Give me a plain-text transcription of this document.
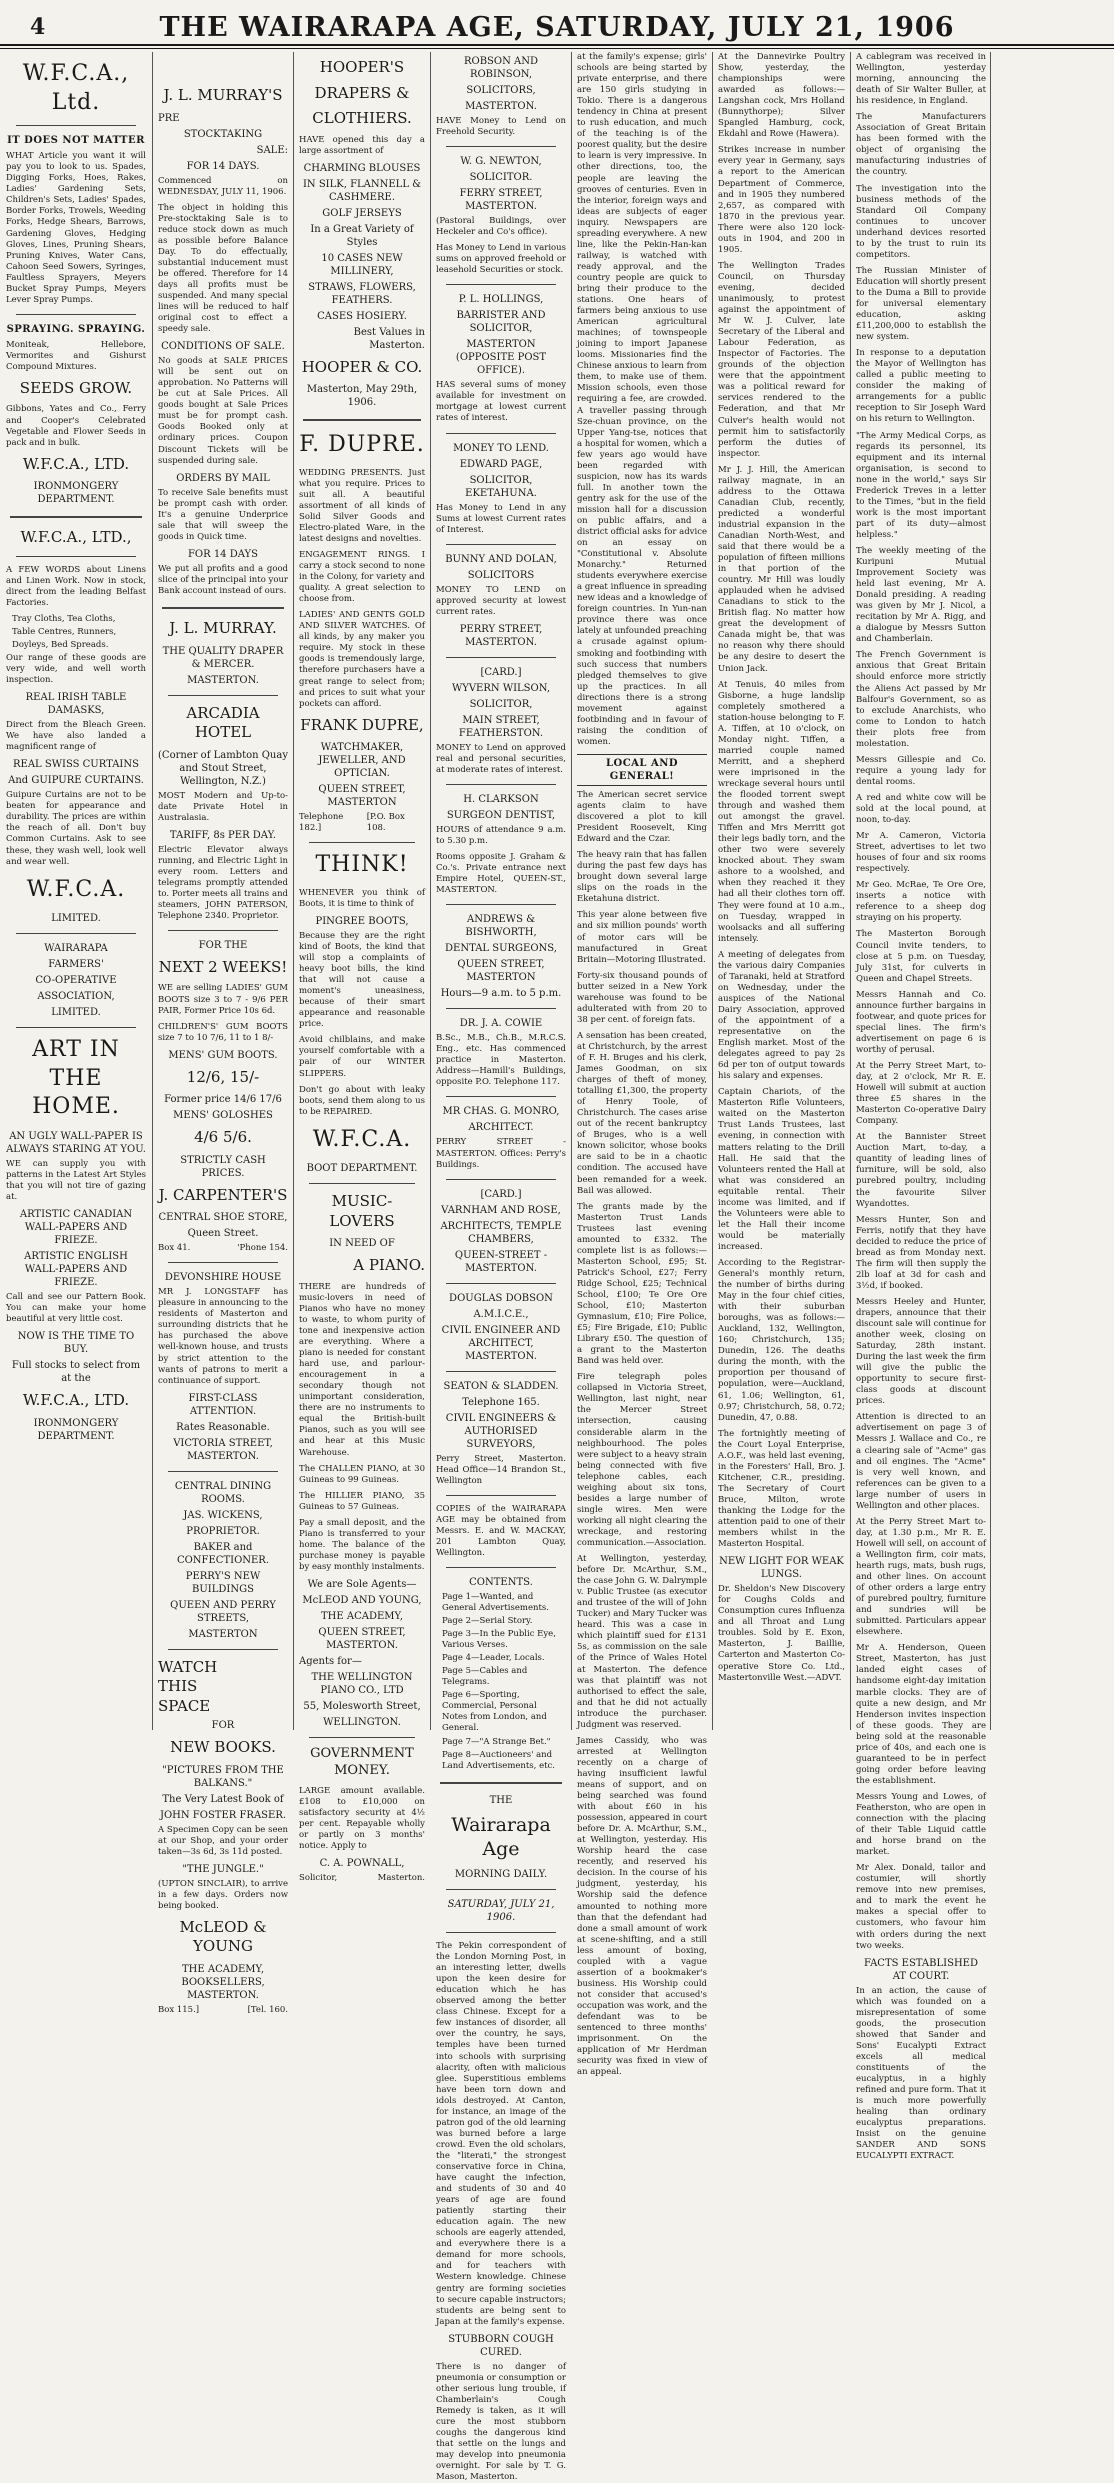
4	THE WAIRARAPA AGE, SATURDAY, JULY 21, 1906
W.F.C.A., Ltd.
IT DOES NOT MATTER

WHAT Article you want it will pay you to look to us. Spades, Digging Forks, Hoes, Rakes, Ladies' Gardening Sets, Children's Sets, Ladies' Spades, Border Forks, Trowels, Weeding Forks, Hedge Shears, Barrows, Gardening Gloves, Hedging Gloves, Lines, Pruning Shears, Pruning Knives, Water Cans, Cahoon Seed Sowers, Syringes, Faultless Sprayers, Meyers Bucket Spray Pumps, Meyers Lever Spray Pumps.

SPRAYING. SPRAYING.

Moniteak, Hellebore, Vermorites and Gishurst Compound Mixtures.

SEEDS GROW.

Gibbons, Yates and Co., Ferry and Cooper's Celebrated Vegetable and Flower Seeds in pack and in bulk.

W.F.C.A., LTD.
IRONMONGERY DEPARTMENT.
W.F.C.A., LTD.,

A FEW WORDS about Linens and Linen Work. Now in stock, direct from the leading Belfast Factories.

Tray Cloths, Tea Cloths,
Table Centres, Runners,
Doyleys, Bed Spreads.

Our range of these goods are very wide, and well worth inspection.

REAL IRISH TABLE DAMASKS,

Direct from the Bleach Green. We have also landed a magnificent range of

REAL SWISS CURTAINS
And GUIPURE CURTAINS.

Guipure Curtains are not to be beaten for appearance and durability. The prices are within the reach of all. Don't buy Common Curtains. Ask to see these, they wash well, look well and wear well.

W.F.C.A.
LIMITED.
WAIRARAPA
FARMERS'
CO-OPERATIVE
ASSOCIATION,
LIMITED.
ART IN THE HOME.
AN UGLY WALL-PAPER IS ALWAYS STARING AT YOU.

WE can supply you with patterns in the Latest Art Styles that you will not tire of gazing at.

ARTISTIC CANADIAN WALL-PAPERS AND FRIEZE.
ARTISTIC ENGLISH WALL-PAPERS AND FRIEZE.

Call and see our Pattern Book. You can make your home beautiful at very little cost.

NOW IS THE TIME TO BUY.
Full stocks to select from at the
W.F.C.A., LTD.
IRONMONGERY DEPARTMENT.
J. L. MURRAY'S
PRE
STOCKTAKING
SALE:
FOR 14 DAYS.

Commenced on WEDNESDAY, JULY 11, 1906.

The object in holding this Pre-stocktaking Sale is to reduce stock down as much as possible before Balance Day. To do effectually, substantial inducement must be offered. Therefore for 14 days all profits must be suspended. And many special lines will be reduced to half original cost to effect a speedy sale.

CONDITIONS OF SALE.

No goods at SALE PRICES will be sent out on approbation. No Patterns will be cut at Sale Prices. All goods bought at Sale Prices must be for prompt cash. Goods Booked only at ordinary prices. Coupon Discount Tickets will be suspended during sale.

ORDERS BY MAIL

To receive Sale benefits must be prompt cash with order. It's a genuine Underprice sale that will sweep the goods in Quick time.

FOR 14 DAYS

We put all profits and a good slice of the principal into your Bank account instead of ours.

J. L. MURRAY.
THE QUALITY DRAPER & MERCER.
MASTERTON.
ARCADIA HOTEL
(Corner of Lambton Quay and Stout Street, Wellington, N.Z.)

MOST Modern and Up-to-date Private Hotel in Australasia.

TARIFF, 8s PER DAY.

Electric Elevator always running, and Electric Light in every room. Letters and telegrams promptly attended to. Porter meets all trains and steamers, JOHN PATERSON, Telephone 2340. Proprietor.

FOR THE
NEXT 2 WEEKS!

WE are selling LADIES' GUM BOOTS size 3 to 7 - 9/6 PER PAIR, Former Price 10s 6d.

CHILDREN'S' GUM BOOTS size 7 to 10 7/6, 11 to 1 8/-

MENS' GUM BOOTS.
12/6, 15/-
Former price 14/6 17/6
MENS' GOLOSHES
4/6 5/6.
STRICTLY CASH PRICES.
J. CARPENTER'S
CENTRAL SHOE STORE,
Queen Street.
Box 41.	'Phone 154.
DEVONSHIRE HOUSE

MR J. LONGSTAFF has pleasure in announcing to the residents of Masterton and surrounding districts that he has purchased the above well-known house, and trusts by strict attention to the wants of patrons to merit a continuance of support.

FIRST-CLASS ATTENTION.
Rates Reasonable.
VICTORIA STREET, MASTERTON.
CENTRAL DINING ROOMS.
JAS. WICKENS,
PROPRIETOR.
BAKER and CONFECTIONER.
PERRY'S NEW BUILDINGS
QUEEN AND PERRY STREETS,
MASTERTON
WATCH
THIS
SPACE
FOR
NEW BOOKS.
"PICTURES FROM THE BALKANS."
The Very Latest Book of
JOHN FOSTER FRASER.

A Specimen Copy can be seen at our Shop, and your order taken—3s 6d, 3s 11d posted.

"THE JUNGLE."

(UPTON SINCLAIR), to arrive in a few days. Orders now being booked.

McLEOD & YOUNG
THE ACADEMY, BOOKSELLERS, MASTERTON.
Box 115.]	[Tel. 160.
HOOPER'S
DRAPERS &
CLOTHIERS.

HAVE opened this day a large assortment of

CHARMING BLOUSES
IN SILK, FLANNELL & CASHMERE.
GOLF JERSEYS
In a Great Variety of Styles
10 CASES NEW MILLINERY,
STRAWS, FLOWERS, FEATHERS.
CASES HOSIERY.
Best Values in Masterton.
HOOPER & CO.
Masterton, May 29th, 1906.
F. DUPRE.

WEDDING PRESENTS. Just what you require. Prices to suit all. A beautiful assortment of all kinds of Solid Silver Goods and Electro-plated Ware, in the latest designs and novelties.

ENGAGEMENT RINGS. I carry a stock second to none in the Colony, for variety and quality. A great selection to choose from.

LADIES' AND GENTS GOLD AND SILVER WATCHES. Of all kinds, by any maker you require. My stock in these goods is tremendously large, therefore purchasers have a great range to select from; and prices to suit what your pockets can afford.

FRANK DUPRE,
WATCHMAKER, JEWELLER, AND OPTICIAN.
QUEEN STREET, MASTERTON
Telephone 182.]
[P.O. Box 108.
THINK!

WHENEVER you think of Boots, it is time to think of

PINGREE BOOTS,

Because they are the right kind of Boots, the kind that will stop a complaints of heavy boot bills, the kind that will not cause a moment's uneasiness, because of their smart appearance and reasonable price.

Avoid chilblains, and make yourself comfortable with a pair of our WINTER SLIPPERS.

Don't go about with leaky boots, send them along to us to be REPAIRED.

W.F.C.A.
BOOT DEPARTMENT.
MUSIC-LOVERS
IN NEED OF
A PIANO.

THERE are hundreds of music-lovers in need of Pianos who have no money to waste, to whom purity of tone and inexpensive action are everything. Where a piano is needed for constant hard use, and parlour-encouragement in a secondary though not unimportant consideration, there are no instruments to equal the British-built Pianos, such as you will see and hear at this Music Warehouse.

The CHALLEN PIANO, at 30 Guineas to 99 Guineas.

The HILLIER PIANO, 35 Guineas to 57 Guineas.

Pay a small deposit, and the Piano is transferred to your home. The balance of the purchase money is payable by easy monthly instalments.

We are Sole Agents—
McLEOD AND YOUNG,
THE ACADEMY,
QUEEN STREET, MASTERTON.
Agents for—
THE WELLINGTON PIANO CO., LTD
55, Molesworth Street,
WELLINGTON.
GOVERNMENT MONEY.

LARGE amount available. £108 to £10,000 on satisfactory security at 4½ per cent. Repayable wholly or partly on 3 months' notice. Apply to

C. A. POWNALL,
Solicitor,	Masterton.
ROBSON AND ROBINSON,
SOLICITORS,
MASTERTON.

HAVE Money to Lend on Freehold Security.

W. G. NEWTON,
SOLICITOR.
FERRY STREET, MASTERTON.

(Pastoral Buildings, over Heckeler and Co's office).

Has Money to Lend in various sums on approved freehold or leasehold Securities or stock.

P. L. HOLLINGS,
BARRISTER AND SOLICITOR,
MASTERTON (OPPOSITE POST OFFICE).

HAS several sums of money available for investment on mortgage at lowest current rates of interest.

MONEY TO LEND.
EDWARD PAGE,
SOLICITOR, EKETAHUNA.

Has Money to Lend in any Sums at lowest Current rates of Interest.

BUNNY AND DOLAN,
SOLICITORS

MONEY TO LEND on approved security at lowest current rates.

PERRY STREET, MASTERTON.
[CARD.]
WYVERN WILSON,
SOLICITOR,
MAIN STREET, FEATHERSTON.

MONEY to Lend on approved real and personal securities, at moderate rates of interest.

H. CLARKSON
SURGEON DENTIST,

HOURS of attendance 9 a.m. to 5.30 p.m.

Rooms opposite J. Graham & Co.'s. Private entrance next Empire Hotel, QUEEN-ST., MASTERTON.

ANDREWS & BISHWORTH,
DENTAL SURGEONS,
QUEEN STREET, MASTERTON
Hours—9 a.m. to 5 p.m.
DR. J. A. COWIE

B.Sc., M.B., Ch.B., M.R.C.S. Eng., etc. Has commenced practice in Masterton. Address—Hamill's Buildings, opposite P.O. Telephone 117.

MR CHAS. G. MONRO,
ARCHITECT.

PERRY STREET - MASTERTON. Offices: Perry's Buildings.

[CARD.]
VARNHAM AND ROSE,
ARCHITECTS, TEMPLE CHAMBERS,
QUEEN-STREET - MASTERTON.
DOUGLAS DOBSON
A.M.I.C.E.,
CIVIL ENGINEER AND ARCHITECT, MASTERTON.
SEATON & SLADDEN.
Telephone 165.
CIVIL ENGINEERS & AUTHORISED SURVEYORS,

Perry Street, Masterton. Head Office—14 Brandon St., Wellington

COPIES of the WAIRARAPA AGE may be obtained from Messrs. E. and W. MACKAY, 201 Lambton Quay, Wellington.

CONTENTS.
Page 1—Wanted, and General Advertisements.
Page 2—Serial Story.
Page 3—In the Public Eye, Various Verses.
Page 4—Leader, Locals.
Page 5—Cables and Telegrams.
Page 6—Sporting, Commercial, Personal Notes from London, and General.
Page 7—"A Strange Bet."
Page 8—Auctioneers' and Land Advertisements, etc.
THE
Wairarapa Age
MORNING DAILY.
SATURDAY, JULY 21, 1906.

The Pekin correspondent of the London Morning Post, in an interesting letter, dwells upon the keen desire for education which he has observed among the better class Chinese. Except for a few instances of disorder, all over the country, he says, temples have been turned into schools with surprising alacrity, often with malicious glee. Superstitious emblems have been torn down and idols destroyed. At Canton, for instance, an image of the patron god of the old learning was burned before a large crowd. Even the old scholars, the "literati," the strongest conservative force in China, have caught the infection, and students of 30 and 40 years of age are found patiently starting their education again. The new schools are eagerly attended, and everywhere there is a demand for more schools, and for teachers with Western knowledge. Chinese gentry are forming societies to secure capable instructors; students are being sent to Japan at the family's expense.

STUBBORN COUGH CURED.

There is no danger of pneumonia or consumption or other serious lung trouble, if Chamberlain's Cough Remedy is taken, as it will cure the most stubborn coughs the dangerous kind that settle on the lungs and may develop into pneumonia overnight. For sale by T. G. Mason, Masterton.

at the family's expense; girls' schools are being started by private enterprise, and there are 150 girls studying in Tokio. There is a dangerous tendency in China at present to rush education, and much of the teaching is of the poorest quality, but the desire to learn is very impressive. In other directions, too, the people are leaving the grooves of centuries. Even in the interior, foreign ways and ideas are subjects of eager inquiry. Newspapers are spreading everywhere. A new line, like the Pekin-Han-kan railway, is watched with ready approval, and the country people are quick to bring their produce to the stations. One hears of farmers being anxious to use American agricultural machines; of townspeople joining to import Japanese looms. Missionaries find the Chinese anxious to learn from them, to make use of them. Mission schools, even those requiring a fee, are crowded. A traveller passing through Sze-chuan province, on the Upper Yang-tse, notices that a hospital for women, which a few years ago would have been regarded with suspicion, now has its wards full. In another town the gentry ask for the use of the mission hall for a discussion on public affairs, and a district official asks for advice on an essay on "Constitutional v. Absolute Monarchy." Returned students everywhere exercise a great influence in spreading new ideas and a knowledge of foreign countries. In Yun-nan province there was once lately at unfounded preaching a crusade against opium-smoking and footbinding with such success that numbers pledged themselves to give up the practices. In all directions there is a strong movement against footbinding and in favour of raising the condition of women.

LOCAL AND GENERAL!

The American secret service agents claim to have discovered a plot to kill President Roosevelt, King Edward and the Czar.

The heavy rain that has fallen during the past few days has brought down several large slips on the roads in the Eketahuna district.

This year alone between five and six million pounds' worth of motor cars will be manufactured in Great Britain—Motoring Illustrated.

Forty-six thousand pounds of butter seized in a New York warehouse was found to be adulterated with from 20 to 38 per cent. of foreign fats.

A sensation has been created, at Christchurch, by the arrest of F. H. Bruges and his clerk, James Goodman, on six charges of theft of money, totalling £1,300, the property of Henry Toole, of Christchurch. The cases arise out of the recent bankruptcy of Bruges, who is a well known solicitor, whose books are said to be in a chaotic condition. The accused have been remanded for a week. Bail was allowed.

The grants made by the Masterton Trust Lands Trustees last evening amounted to £332. The complete list is as follows:—Masterton School, £95; St. Patrick's School, £27; Ferry Ridge School, £25; Technical School, £100; Te Ore Ore School, £10; Masterton Gymnasium, £10; Fire Police, £5; Fire Brigade, £10; Public Library £50. The question of a grant to the Masterton Band was held over.

Fire telegraph poles collapsed in Victoria Street, Wellington, last night, near the Mercer Street intersection, causing considerable alarm in the neighbourhood. The poles were subject to a heavy strain being connected with five telephone cables, each weighing about six tons, besides a large number of single wires. Men were working all night clearing the wreckage, and restoring communication.—Association.

At Wellington, yesterday, before Dr. McArthur, S.M., the case John G. W. Dalrymple v. Public Trustee (as executor and trustee of the will of John Tucker) and Mary Tucker was heard. This was a case in which plaintiff sued for £131 5s, as commission on the sale of the Prince of Wales Hotel at Masterton. The defence was that plaintiff was not authorised to effect the sale, and that he did not actually introduce the purchaser. Judgment was reserved.

James Cassidy, who was arrested at Wellington recently on a charge of having insufficient lawful means of support, and on being searched was found with about £60 in his possession, appeared in court before Dr. A. McArthur, S.M., at Wellington, yesterday. His Worship heard the case recently, and reserved his decision. In the course of his judgment, yesterday, his Worship said the defence amounted to nothing more than that the defendant had done a small amount of work at scene-shifting, and a still less amount of boxing, coupled with a vague assertion of a bookmaker's business. His Worship could not consider that accused's occupation was work, and the defendant was to be sentenced to three months' imprisonment. On the application of Mr Herdman security was fixed in view of an appeal.

At the Dannevirke Poultry Show, yesterday, the championships were awarded as follows:— Langshan cock, Mrs Holland (Bunnythorpe); Silver Spangled Hamburg, cock, Ekdahl and Rowe (Hawera).

Strikes increase in number every year in Germany, says a report to the American Department of Commerce, and in 1905 they numbered 2,657, as compared with 1870 in the previous year. There were also 120 lock-outs in 1904, and 200 in 1905.

The Wellington Trades Council, on Thursday evening, decided unanimously, to protest against the appointment of Mr W. J. Culver, late Secretary of the Liberal and Labour Federation, as Inspector of Factories. The grounds of the objection were that the appointment was a political reward for services rendered to the Federation, and that Mr Culver's health would not permit him to satisfactorily perform the duties of inspector.

Mr J. J. Hill, the American railway magnate, in an address to the Ottawa Canadian Club, recently, predicted a wonderful industrial expansion in the Canadian North-West, and said that there would be a population of fifteen millions in that portion of the country. Mr Hill was loudly applauded when he advised Canadians to stick to the British flag. No matter how great the development of Canada might be, that was no reason why there should be any desire to desert the Union Jack.

At Tenuis, 40 miles from Gisborne, a huge landslip completely smothered a station-house belonging to F. A. Tiffen, at 10 o'clock, on Monday night. Tiffen, a married couple named Merritt, and a shepherd were imprisoned in the wreckage several hours until the flooded torrent swept through and washed them out amongst the gravel. Tiffen and Mrs Merritt got their legs badly torn, and the other two were severely knocked about. They swam ashore to a woolshed, and when they reached it they had all their clothes torn off. They were found at 10 a.m., on Tuesday, wrapped in woolsacks and all suffering intensely.

A meeting of delegates from the various dairy Companies of Taranaki, held at Stratford on Wednesday, under the auspices of the National Dairy Association, approved of the appointment of a representative on the English market. Most of the delegates agreed to pay 2s 6d per ton of output towards his salary and expenses.

Captain Chariots, of the Masterton Rifle Volunteers, waited on the Masterton Trust Lands Trustees, last evening, in connection with matters relating to the Drill Hall. He said that the Volunteers rented the Hall at what was considered an equitable rental. Their income was limited, and if the Volunteers were able to let the Hall their income would be materially increased.

According to the Registrar-General's monthly return, the number of births during May in the four chief cities, with their suburban boroughs, was as follows:—Auckland, 132, Wellington, 160; Christchurch, 135; Dunedin, 126. The deaths during the month, with the proportion per thousand of population, were—Auckland, 61, 1.06; Wellington, 61, 0.97; Christchurch, 58, 0.72; Dunedin, 47, 0.88.

The fortnightly meeting of the Court Loyal Enterprise, A.O.F., was held last evening, in the Foresters' Hall, Bro. J. Kitchener, C.R., presiding. The Secretary of Court Bruce, Milton, wrote thanking the Lodge for the attention paid to one of their members whilst in the Masterton Hospital.

NEW LIGHT FOR WEAK LUNGS.

Dr. Sheldon's New Discovery for Coughs Colds and Consumption cures Influenza and all Throat and Lung troubles. Sold by E. Exon, Masterton, J. Baillie, Carterton and Masterton Co-operative Store Co. Ltd., Mastertonville West.—ADVT.

A cablegram was received in Wellington, yesterday morning, announcing the death of Sir Walter Buller, at his residence, in England.

The Manufacturers Association of Great Britain has been formed with the object of organising the manufacturing industries of the country.

The investigation into the business methods of the Standard Oil Company continues to uncover underhand devices resorted to by the trust to ruin its competitors.

The Russian Minister of Education will shortly present to the Duma a Bill to provide for universal elementary education, asking £11,200,000 to establish the new system.

In response to a deputation the Mayor of Wellington has called a public meeting to consider the making of arrangements for a public reception to Sir Joseph Ward on his return to Wellington.

"The Army Medical Corps, as regards its personnel, its equipment and its internal organisation, is second to none in the world," says Sir Frederick Treves in a letter to the Times, "but in the field work is the most important part of its duty—almost helpless."

The weekly meeting of the Kuripuni Mutual Improvement Society was held last evening, Mr A. Donald presiding. A reading was given by Mr J. Nicol, a recitation by Mr A. Rigg, and a dialogue by Messrs Sutton and Chamberlain.

The French Government is anxious that Great Britain should enforce more strictly the Aliens Act passed by Mr Balfour's Government, so as to exclude Anarchists, who come to London to hatch their plots free from molestation.

Messrs Gillespie and Co. require a young lady for dental rooms.

A red and white cow will be sold at the local pound, at noon, to-day.

Mr A. Cameron, Victoria Street, advertises to let two houses of four and six rooms respectively.

Mr Geo. McRae, Te Ore Ore, inserts a notice with reference to a sheep dog straying on his property.

The Masterton Borough Council invite tenders, to close at 5 p.m. on Tuesday, July 31st, for culverts in Queen and Chapel Streets.

Messrs Hannah and Co. announce further bargains in footwear, and quote prices for special lines. The firm's advertisement on page 6 is worthy of perusal.

At the Perry Street Mart, to-day, at 2 o'clock, Mr R. E. Howell will submit at auction three £5 shares in the Masterton Co-operative Dairy Company.

At the Bannister Street Auction Mart, to-day, a quantity of leading lines of furniture, will be sold, also purebred poultry, including the favourite Silver Wyandottes.

Messrs Hunter, Son and Ferris, notify that they have decided to reduce the price of bread as from Monday next. The firm will then supply the 2lb loaf at 3d for cash and 3½d, if booked.

Messrs Heeley and Hunter, drapers, announce that their discount sale will continue for another week, closing on Saturday, 28th instant. During the last week the firm will give the public the opportunity to secure first-class goods at discount prices.

Attention is directed to an advertisement on page 3 of Messrs J. Wallace and Co., re a clearing sale of "Acme" gas and oil engines. The "Acme" is very well known, and references can be given to a large number of users in Wellington and other places.

At the Perry Street Mart to-day, at 1.30 p.m., Mr R. E. Howell will sell, on account of a Wellington firm, coir mats, hearth rugs, mats, bush rugs, and other lines. On account of other orders a large entry of purebred poultry, furniture and sundries will be submitted. Particulars appear elsewhere.

Mr A. Henderson, Queen Street, Masterton, has just landed eight cases of handsome eight-day imitation marble clocks. They are of quite a new design, and Mr Henderson invites inspection of these goods. They are being sold at the reasonable price of 40s, and each one is guaranteed to be in perfect going order before leaving the establishment.

Messrs Young and Lowes, of Featherston, who are open in connection with the placing of their Table Liquid cattle and horse brand on the market.

Mr Alex. Donald, tailor and costumier, will shortly remove into new premises, and to mark the event he makes a special offer to customers, who favour him with orders during the next two weeks.

FACTS ESTABLISHED AT COURT.

In an action, the cause of which was founded on a misrepresentation of some goods, the prosecution showed that Sander and Sons' Eucalypti Extract excels all medical constituents of the eucalyptus, in a highly refined and pure form. That it is much more powerfully healing than ordinary eucalyptus preparations. Insist on the genuine SANDER AND SONS EUCALYPTI EXTRACT.
